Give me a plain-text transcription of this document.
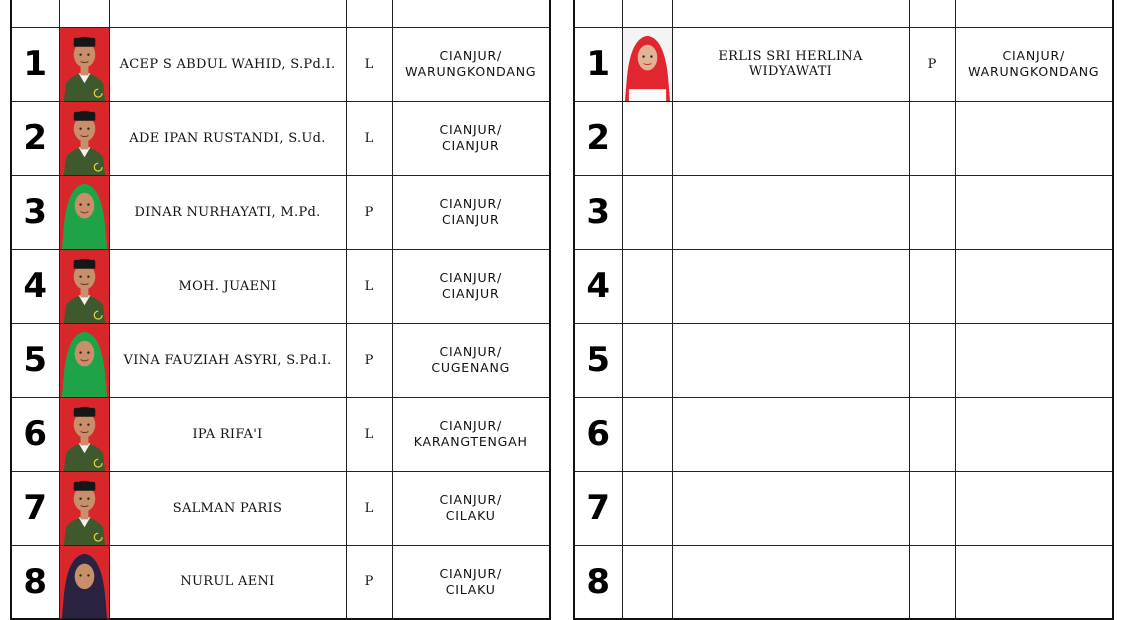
1		ACEP S ABDUL WAHID, S.Pd.I.	L	CIANJUR/
WARUNGKONDANG

2		ADE IPAN RUSTANDI, S.Ud.	L	CIANJUR/
CIANJUR

3		DINAR NURHAYATI, M.Pd.	P	CIANJUR/
CIANJUR

4		MOH. JUAENI	L	CIANJUR/
CIANJUR

5		VINA FAUZIAH ASYRI, S.Pd.I.	P	CIANJUR/
CUGENANG

6		IPA RIFA'I	L	CIANJUR/
KARANGTENGAH

7		SALMAN PARIS	L	CIANJUR/
CILAKU

8		NURUL AENI	P	CIANJUR/
CILAKU

1		ERLIS SRI HERLINA
WIDYAWATI	P	CIANJUR/
WARUNGKONDANG

2		

3		

4		

5		

6		

7		

8		
